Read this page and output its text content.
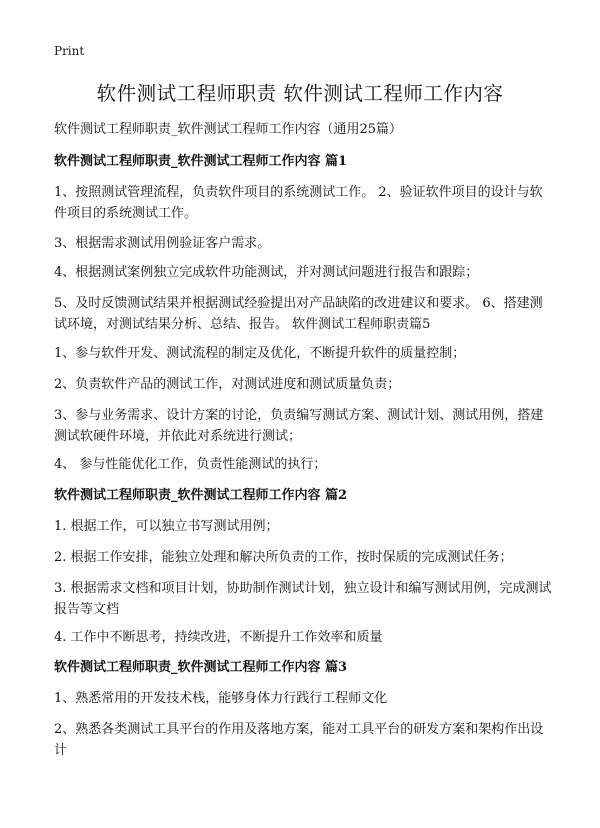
Print
软件测试工程师职责 软件测试工程师工作内容

软件测试工程师职责_软件测试工程师工作内容（通用25篇）

软件测试工程师职责_软件测试工程师工作内容 篇1

1、按照测试管理流程，负责软件项目的系统测试工作。 2、验证软件项目的设计与软件项目的系统测试工作。

3、根据需求测试用例验证客户需求。

4、根据测试案例独立完成软件功能测试，并对测试问题进行报告和跟踪；

5、及时反馈测试结果并根据测试经验提出对产品缺陷的改进建议和要求。 6、搭建测试环境，对测试结果分析、总结、报告。 软件测试工程师职责篇5

1、参与软件开发、测试流程的制定及优化，不断提升软件的质量控制；

2、负责软件产品的测试工作，对测试进度和测试质量负责；

3、参与业务需求、设计方案的讨论，负责编写测试方案、测试计划、测试用例，搭建测试软硬件环境，并依此对系统进行测试；

4、 参与性能优化工作，负责性能测试的执行；

软件测试工程师职责_软件测试工程师工作内容 篇2

1. 根据工作，可以独立书写测试用例；

2. 根据工作安排，能独立处理和解决所负责的工作，按时保质的完成测试任务；

3. 根据需求文档和项目计划，协助制作测试计划，独立设计和编写测试用例，完成测试报告等文档

4. 工作中不断思考，持续改进，不断提升工作效率和质量

软件测试工程师职责_软件测试工程师工作内容 篇3

1、熟悉常用的开发技术栈，能够身体力行践行工程师文化

2、熟悉各类测试工具平台的作用及落地方案，能对工具平台的研发方案和架构作出设计
